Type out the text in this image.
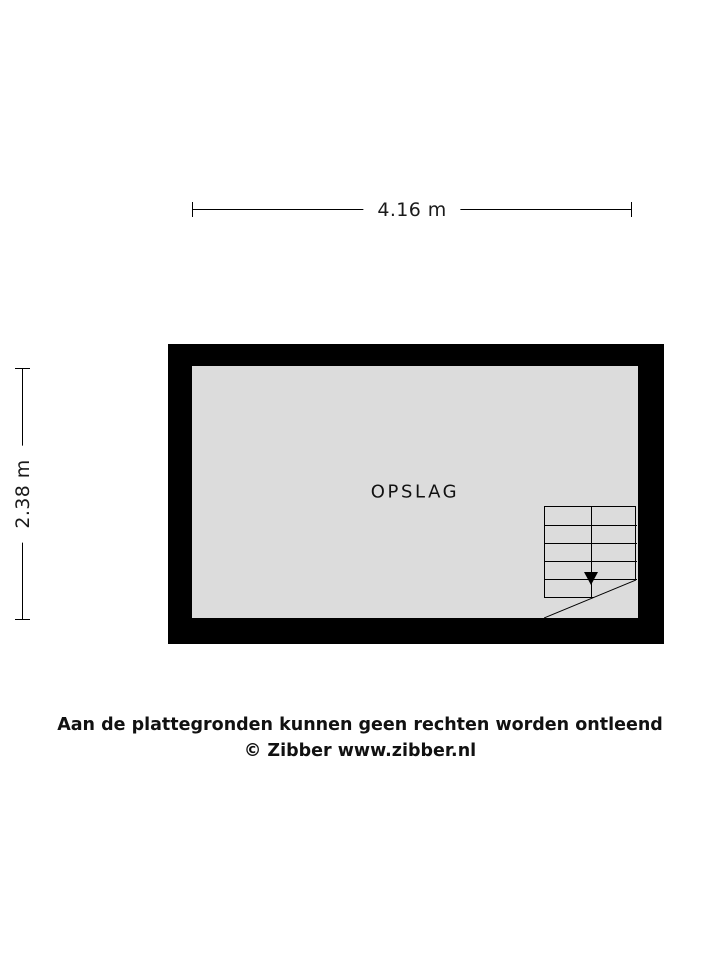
4.16 m
2.38 m	OPSLAG
Aan de plattegronden kunnen geen rechten worden ontleend
© Zibber www.zibber.nl
